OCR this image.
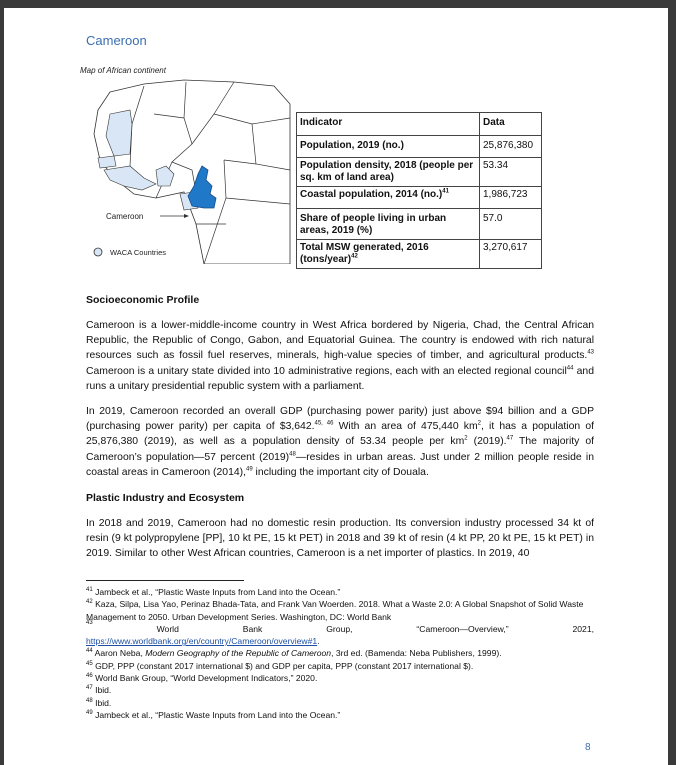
Cameroon
Map of African continent
Cameroon
WACA Countries
Indicator	Data
Population, 2019 (no.)	25,876,380
Population density, 2018 (people per sq. km of land area)	53.34
Coastal population, 2014 $(no.)^{41}$	1,986,723
Share of people living in urban areas, 2019 (%)	57.0
Total MSW generated, 2016 (tons/year)$^{42}$	3,270,617
Socioeconomic Profile
Cameroon is a lower-middle-income country in West Africa bordered by Nigeria, Chad, the Central African Republic, the Republic of Congo, Gabon, and Equatorial Guinea. The country is endowed with rich natural resources such as fossil fuel reserves, minerals, high-value species of timber, and agricultural products.$^{43}$ Cameroon is a unitary state divided into 10 administrative regions, each with an elected regional council$^{44}$ and runs a unitary presidential republic system with a parliament.
In 2019, Cameroon recorded an overall GDP (purchasing power parity) just above $94 billion and a GDP (purchasing power parity) per capita of $3,642.$^{45, 46}$ With an area of 475,440 $km^2$, it has a population of 25,876,380 (2019), as well as a population density of 53.34 people per $km^2$ (2019).$^{47}$ The majority of Cameroon’s population—57 percent $(2019)^{48}—resides$ in urban areas. Just under 2 million people reside in coastal areas in Cameroon (2014),$^{49}$ including the important city of Douala.
Plastic Industry and Ecosystem
In 2018 and 2019, Cameroon had no domestic resin production. Its conversion industry processed 34 kt of resin (9 kt polypropylene [PP], 10 kt PE, 15 kt PET) in 2018 and 39 kt of resin (4 kt PP, 20 kt PE, 15 kt PET) in 2019. Similar to other West African countries, Cameroon is a net importer of plastics. In 2019, 40
$^{41}$ Jambeck et al., “Plastic Waste Inputs from Land into the Ocean.”
$^{42}$ Kaza, Silpa, Lisa Yao, Perinaz Bhada-Tata, and Frank Van Woerden. 2018. What a Waste 2.0: A Global Snapshot of Solid Waste Management to 2050. Urban Development Series. Washington, DC: World Bank
43
World	Bank	Group,	“Cameroon—Overview,”	2021,
https://www.worldbank.org/en/country/Cameroon/overview#1.
$^{44}$ Aaron Neba, Modern Geography of the Republic of Cameroon, 3rd ed. (Bamenda: Neba Publishers, 1999).
$^{45}$ GDP, PPP (constant 2017 international $) and GDP per capita, PPP (constant 2017 international $).
$^{46}$ World Bank Group, “World Development Indicators,” 2020.
$^{47}$ Ibid.
$^{48}$ Ibid.
$^{49}$ Jambeck et al., “Plastic Waste Inputs from Land into the Ocean.”
8
